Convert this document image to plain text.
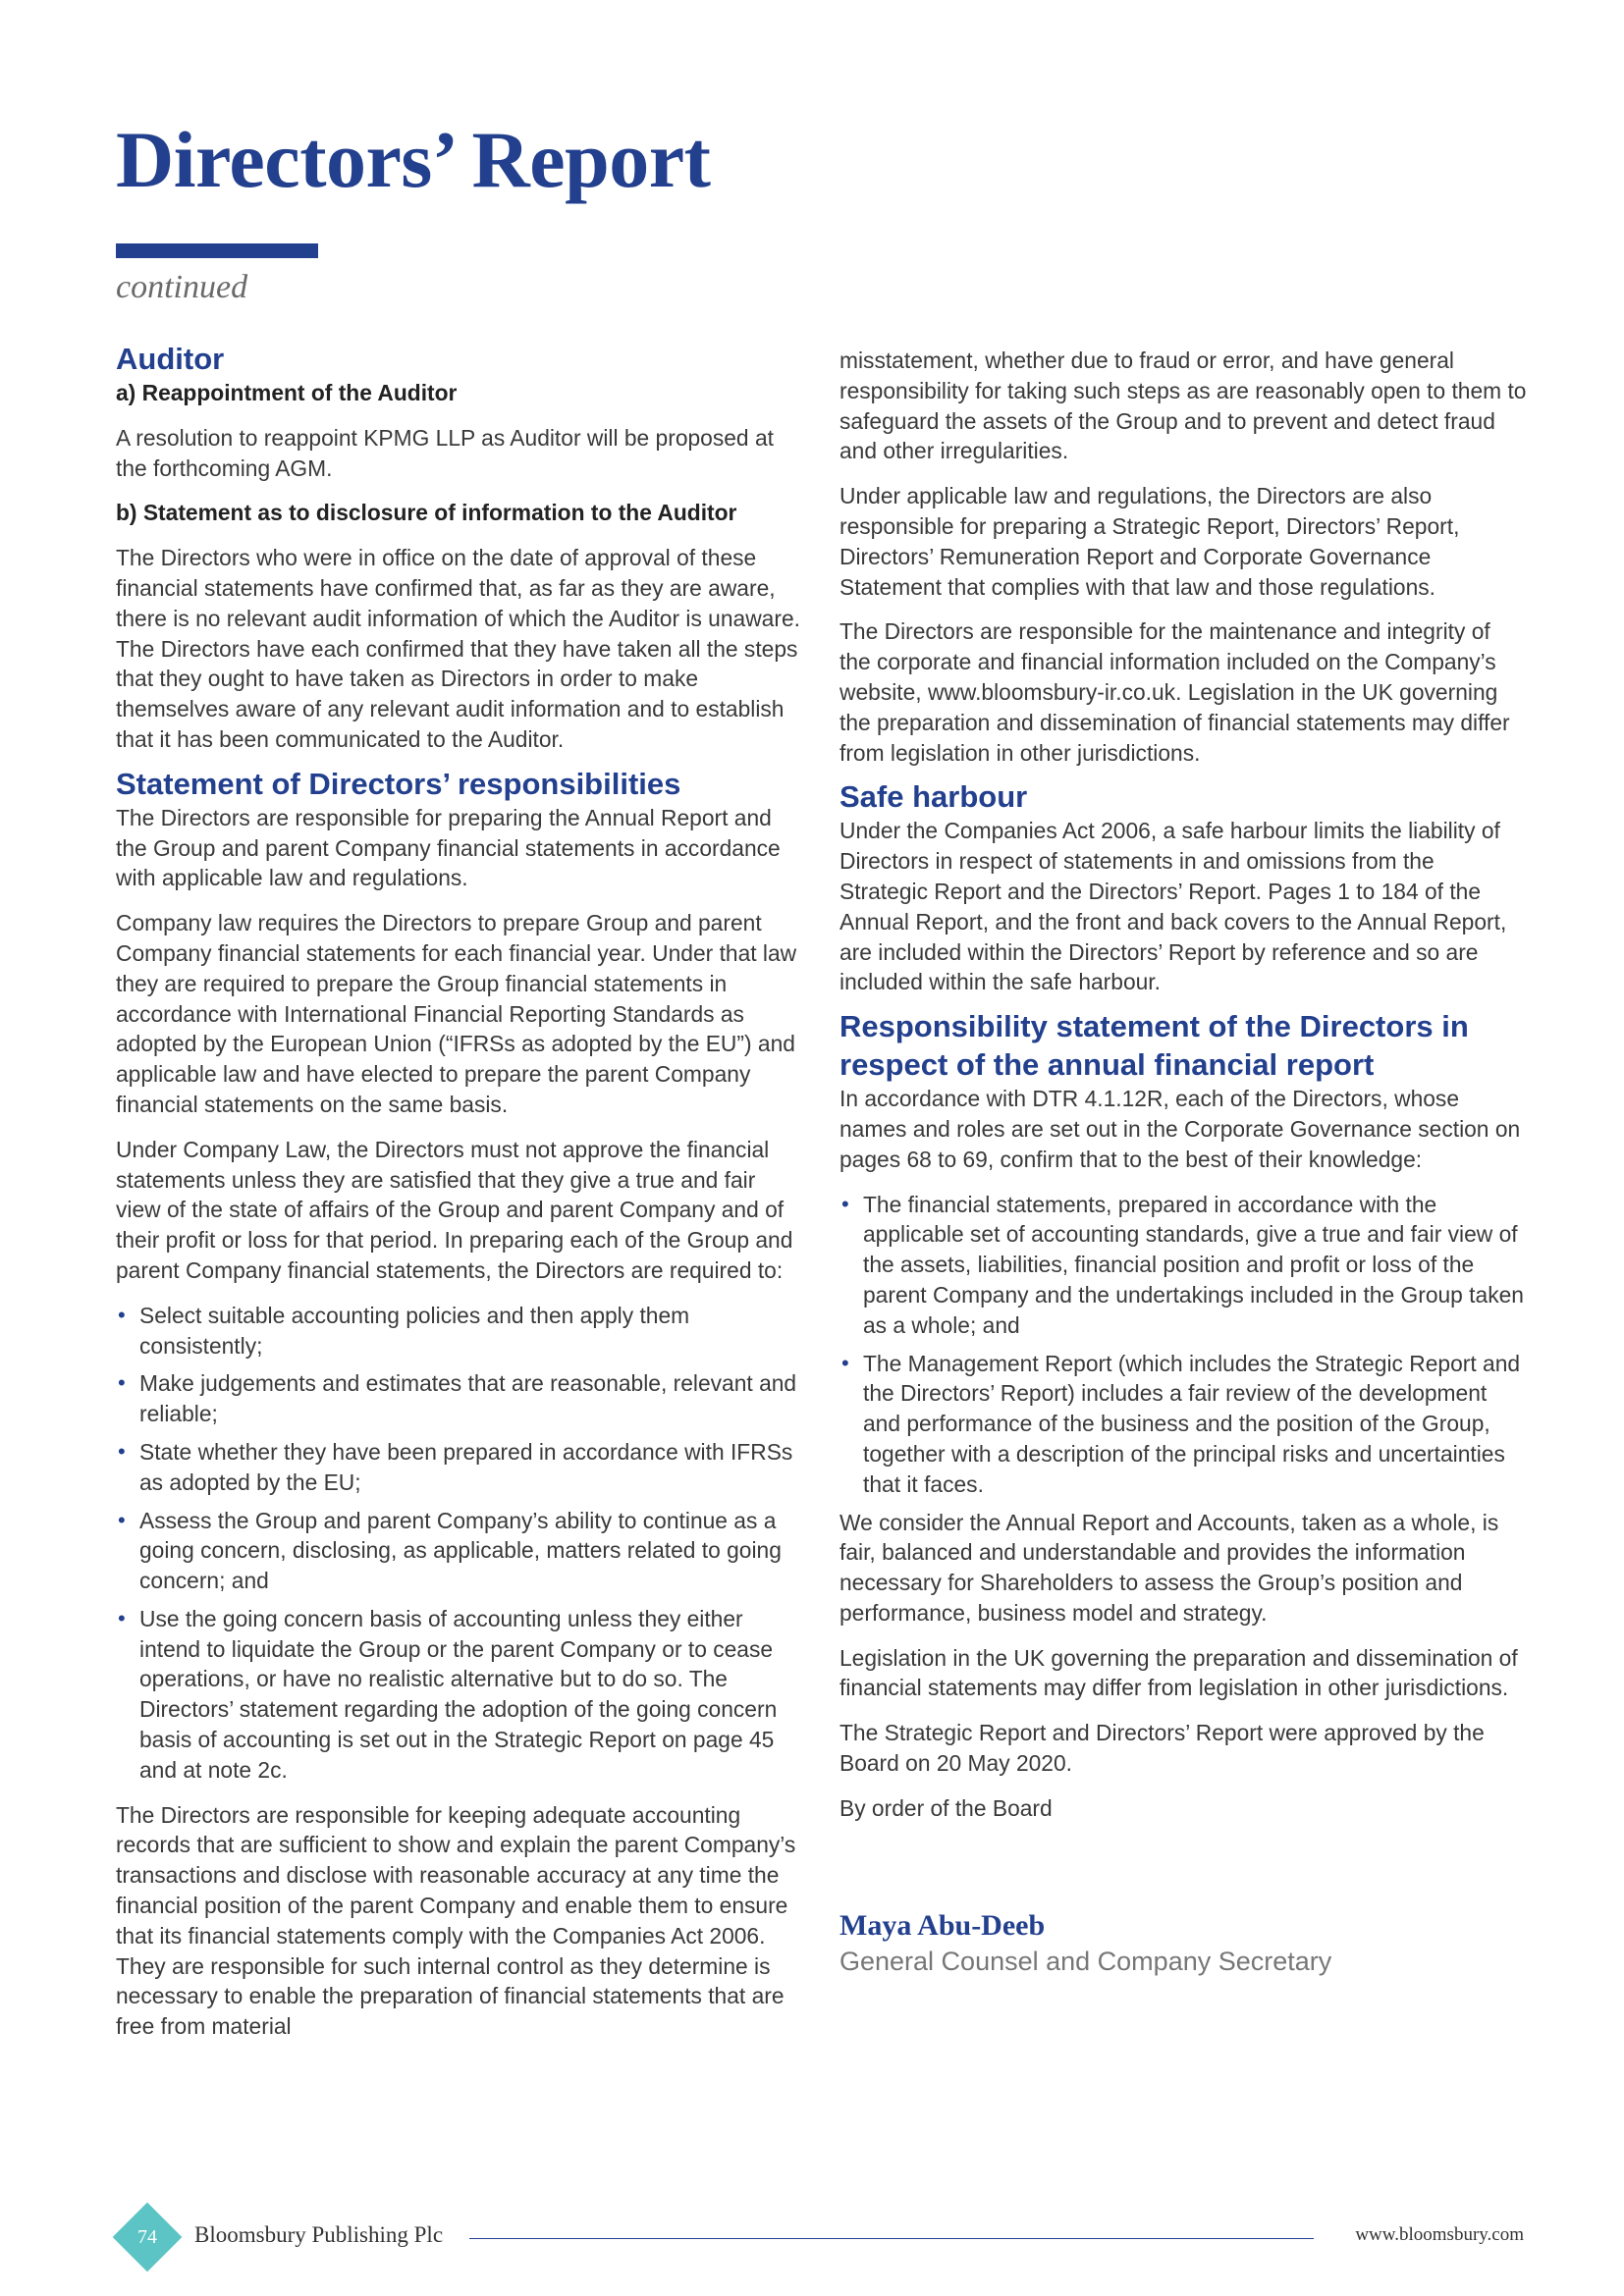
Directors’ Report
continued
Auditor
a) Reappointment of the Auditor

A resolution to reappoint KPMG LLP as Auditor will be proposed at the forthcoming AGM.

b) Statement as to disclosure of information to the Auditor

The Directors who were in office on the date of approval of these financial statements have confirmed that, as far as they are aware, there is no relevant audit information of which the Auditor is unaware. The Directors have each confirmed that they have taken all the steps that they ought to have taken as Directors in order to make themselves aware of any relevant audit information and to establish that it has been communicated to the Auditor.

Statement of Directors’ responsibilities

The Directors are responsible for preparing the Annual Report and the Group and parent Company financial statements in accordance with applicable law and regulations.

Company law requires the Directors to prepare Group and parent Company financial statements for each financial year. Under that law they are required to prepare the Group financial statements in accordance with International Financial Reporting Standards as adopted by the European Union (“IFRSs as adopted by the EU”) and applicable law and have elected to prepare the parent Company financial statements on the same basis.

Under Company Law, the Directors must not approve the financial statements unless they are satisfied that they give a true and fair view of the state of affairs of the Group and parent Company and of their profit or loss for that period. In preparing each of the Group and parent Company financial statements, the Directors are required to:

• Select suitable accounting policies and then apply them consistently;
• Make judgements and estimates that are reasonable, relevant and reliable;
• State whether they have been prepared in accordance with IFRSs as adopted by the EU;
• Assess the Group and parent Company’s ability to continue as a going concern, disclosing, as applicable, matters related to going concern; and
• Use the going concern basis of accounting unless they either intend to liquidate the Group or the parent Company or to cease operations, or have no realistic alternative but to do so. The Directors’ statement regarding the adoption of the going concern basis of accounting is set out in the Strategic Report on page 45 and at note 2c.

The Directors are responsible for keeping adequate accounting records that are sufficient to show and explain the parent Company’s transactions and disclose with reasonable accuracy at any time the financial position of the parent Company and enable them to ensure that its financial statements comply with the Companies Act 2006. They are responsible for such internal control as they determine is necessary to enable the preparation of financial statements that are free from material

misstatement, whether due to fraud or error, and have general responsibility for taking such steps as are reasonably open to them to safeguard the assets of the Group and to prevent and detect fraud and other irregularities.

Under applicable law and regulations, the Directors are also responsible for preparing a Strategic Report, Directors’ Report, Directors’ Remuneration Report and Corporate Governance Statement that complies with that law and those regulations.

The Directors are responsible for the maintenance and integrity of the corporate and financial information included on the Company’s website, www.bloomsbury-ir.co.uk. Legislation in the UK governing the preparation and dissemination of financial statements may differ from legislation in other jurisdictions.

Safe harbour

Under the Companies Act 2006, a safe harbour limits the liability of Directors in respect of statements in and omissions from the Strategic Report and the Directors’ Report. Pages 1 to 184 of the Annual Report, and the front and back covers to the Annual Report, are included within the Directors’ Report by reference and so are included within the safe harbour.

Responsibility statement of the Directors in respect of the annual financial report

In accordance with DTR 4.1.12R, each of the Directors, whose names and roles are set out in the Corporate Governance section on pages 68 to 69, confirm that to the best of their knowledge:

• The financial statements, prepared in accordance with the applicable set of accounting standards, give a true and fair view of the assets, liabilities, financial position and profit or loss of the parent Company and the undertakings included in the Group taken as a whole; and
• The Management Report (which includes the Strategic Report and the Directors’ Report) includes a fair review of the development and performance of the business and the position of the Group, together with a description of the principal risks and uncertainties that it faces.

We consider the Annual Report and Accounts, taken as a whole, is fair, balanced and understandable and provides the information necessary for Shareholders to assess the Group’s position and performance, business model and strategy.

Legislation in the UK governing the preparation and dissemination of financial statements may differ from legislation in other jurisdictions.

The Strategic Report and Directors’ Report were approved by the Board on 20 May 2020.

By order of the Board

Maya Abu-Deeb

General Counsel and Company Secretary

74	Bloomsbury Publishing Plc	www.bloomsbury.com
